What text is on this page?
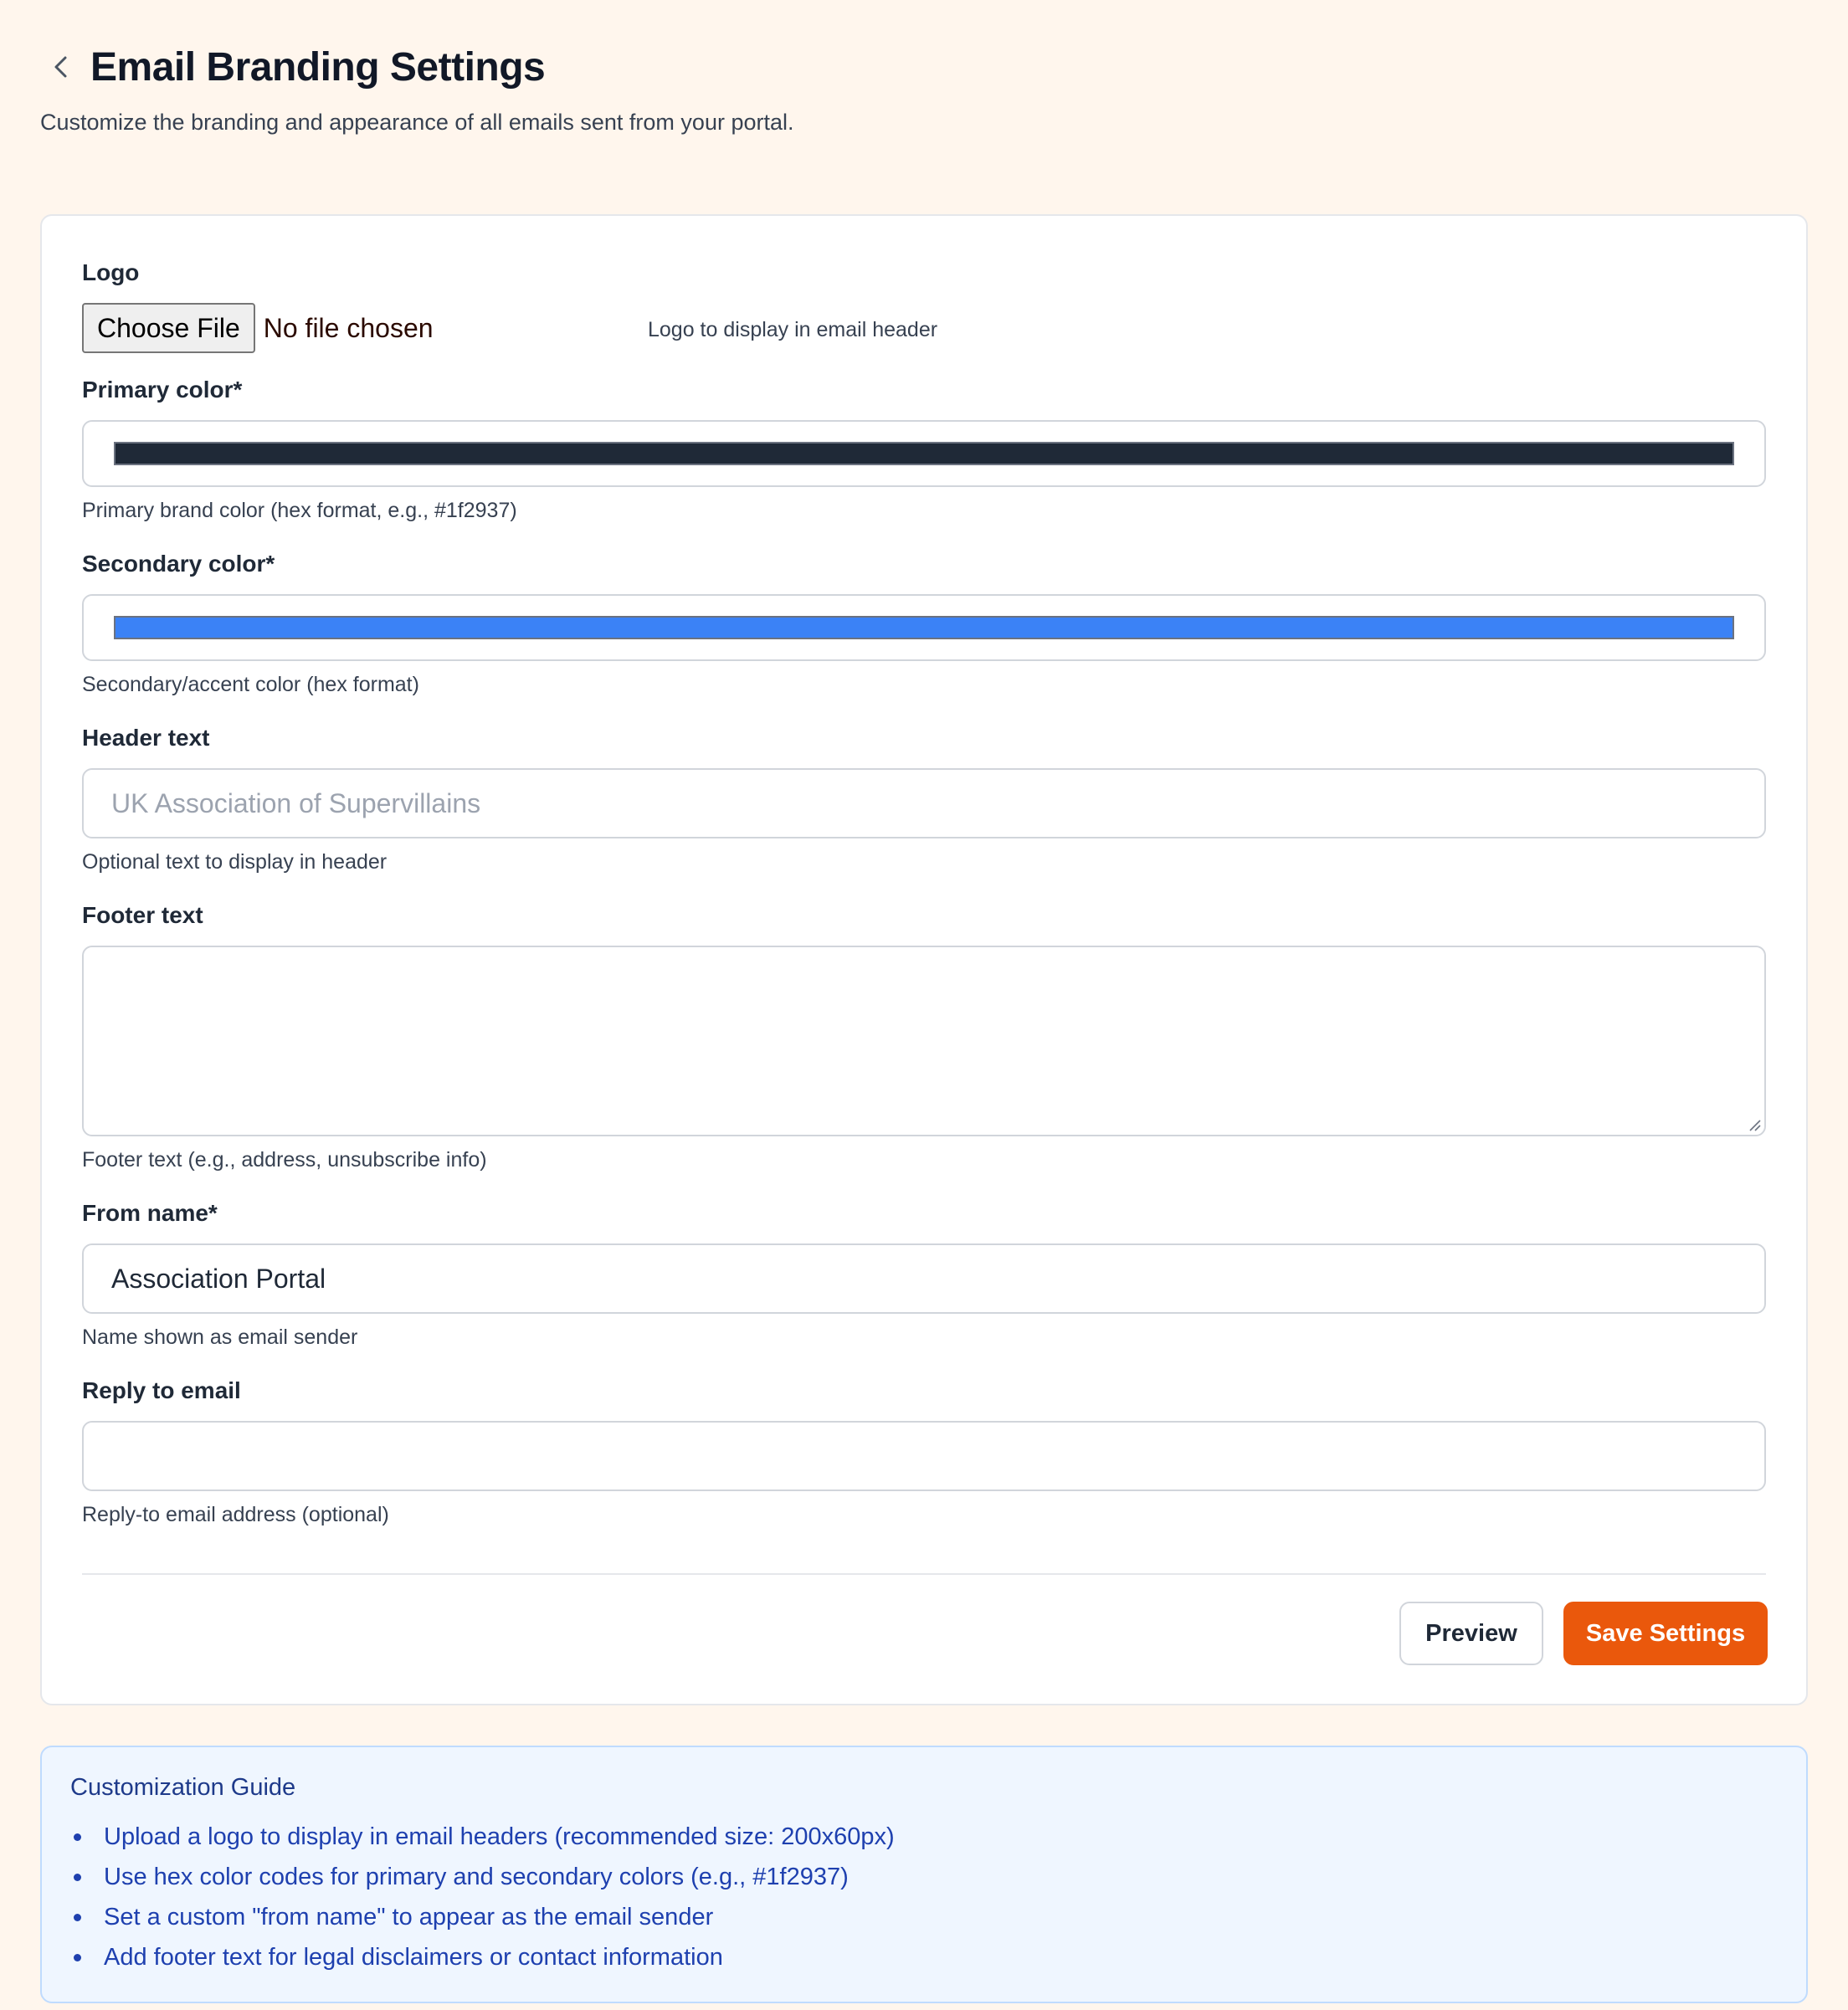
Email Branding Settings

Customize the branding and appearance of all emails sent from your portal.

Logo
Choose File No file chosen	Logo to display in email header
Primary color*
Primary brand color (hex format, e.g., #1f2937)
Secondary color*
Secondary/accent color (hex format)
Header text
UK Association of Supervillains
Optional text to display in header
Footer text
Footer text (e.g., address, unsubscribe info)
From name*
Association Portal
Name shown as email sender
Reply to email
Reply-to email address (optional)
Preview	Save Settings
Customization Guide
Upload a logo to display in email headers (recommended size: 200x60px)
Use hex color codes for primary and secondary colors (e.g., #1f2937)
Set a custom "from name" to appear as the email sender
Add footer text for legal disclaimers or contact information
